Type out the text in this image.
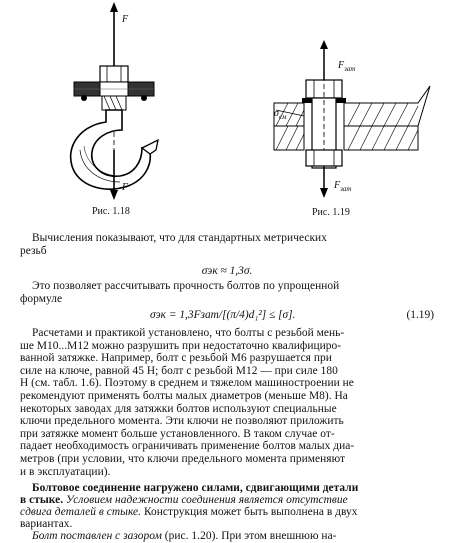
F
F
Рис. 1.18
$F_{зат}$
$\sigma_{см}$
$F_{зат}$
Рис. 1.19
Вычисления показывают, что для стандартных метрических
резьб
σэк ≈ 1,3σ.
Это позволяет рассчитывать прочность болтов по упрощенной
формуле
σэк = 1,3Fзат/[(π/4)d₁²] ≤ [σ].	(1.19)
Расчетами и практикой установлено, что болты с резьбой мень-
ше М10...М12 можно разрушить при недостаточно квалифициро-
ванной затяжке. Например, болт с резьбой М6 разрушается при
силе на ключе, равной 45 Н; болт с резьбой М12 — при силе 180
Н (см. табл. 1.6). Поэтому в среднем и тяжелом машиностроении не
рекомендуют применять болты малых диаметров (меньше М8). На
некоторых заводах для затяжки болтов используют специальные
ключи предельного момента. Эти ключи не позволяют приложить
при затяжке момент больше установленного. В таком случае от-
падает необходимость ограничивать применение болтов малых диа-
метров (при условии, что ключи предельного момента применяют
и в эксплуатации).
Болтовое соединение нагружено силами, сдвигающими детали
в стыке. Условием надежности соединения является отсутствие
сдвига деталей в стыке. Конструкция может быть выполнена в двух
вариантах.
Болт поставлен с зазором (рис. 1.20). При этом внешнюю на-
